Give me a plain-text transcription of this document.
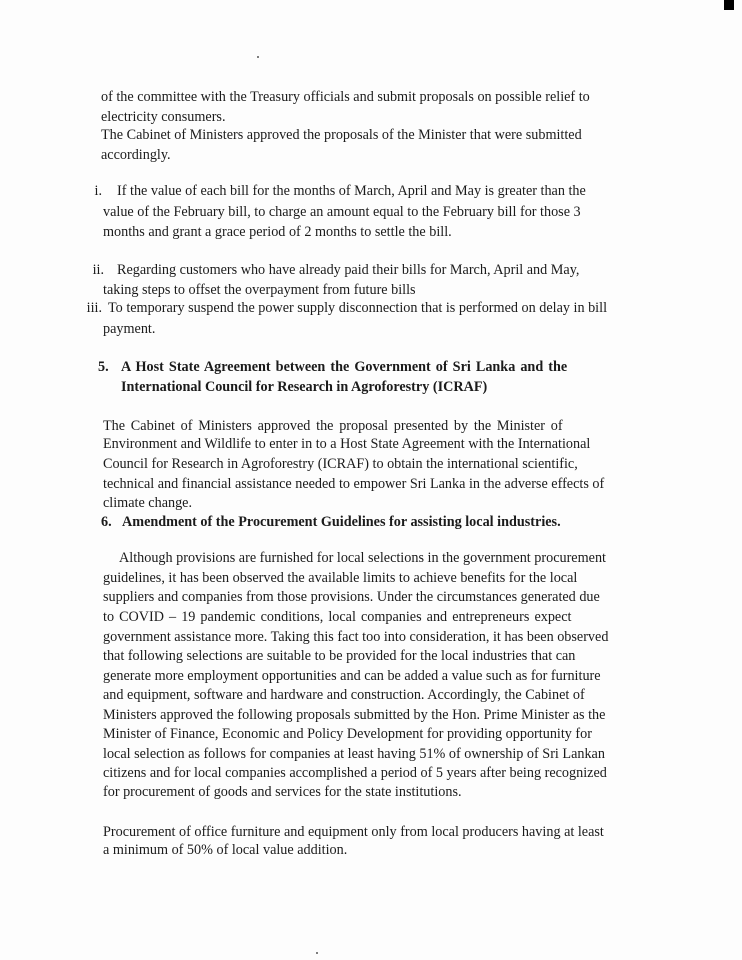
of the committee with the Treasury officials and submit proposals on possible relief to
electricity consumers.
The Cabinet of Ministers approved the proposals of the Minister that were submitted
accordingly.
i. If the value of each bill for the months of March, April and May is greater than the
value of the February bill, to charge an amount equal to the February bill for those 3
months and grant a grace period of 2 months to settle the bill.
ii. Regarding customers who have already paid their bills for March, April and May,
taking steps to offset the overpayment from future bills
iii. To temporary suspend the power supply disconnection that is performed on delay in bill
payment.
5. A Host State Agreement between the Government of Sri Lanka and the
International Council for Research in Agroforestry (ICRAF)
The Cabinet of Ministers approved the proposal presented by the Minister of
Environment and Wildlife to enter in to a Host State Agreement with the International
Council for Research in Agroforestry (ICRAF) to obtain the international scientific,
technical and financial assistance needed to empower Sri Lanka in the adverse effects of
climate change.
6. Amendment of the Procurement Guidelines for assisting local industries.
Although provisions are furnished for local selections in the government procurement
guidelines, it has been observed the available limits to achieve benefits for the local
suppliers and companies from those provisions. Under the circumstances generated due
to COVID – 19 pandemic conditions, local companies and entrepreneurs expect
government assistance more. Taking this fact too into consideration, it has been observed
that following selections are suitable to be provided for the local industries that can
generate more employment opportunities and can be added a value such as for furniture
and equipment, software and hardware and construction. Accordingly, the Cabinet of
Ministers approved the following proposals submitted by the Hon. Prime Minister as the
Minister of Finance, Economic and Policy Development for providing opportunity for
local selection as follows for companies at least having 51% of ownership of Sri Lankan
citizens and for local companies accomplished a period of 5 years after being recognized
for procurement of goods and services for the state institutions.
Procurement of office furniture and equipment only from local producers having at least
a minimum of 50% of local value addition.
